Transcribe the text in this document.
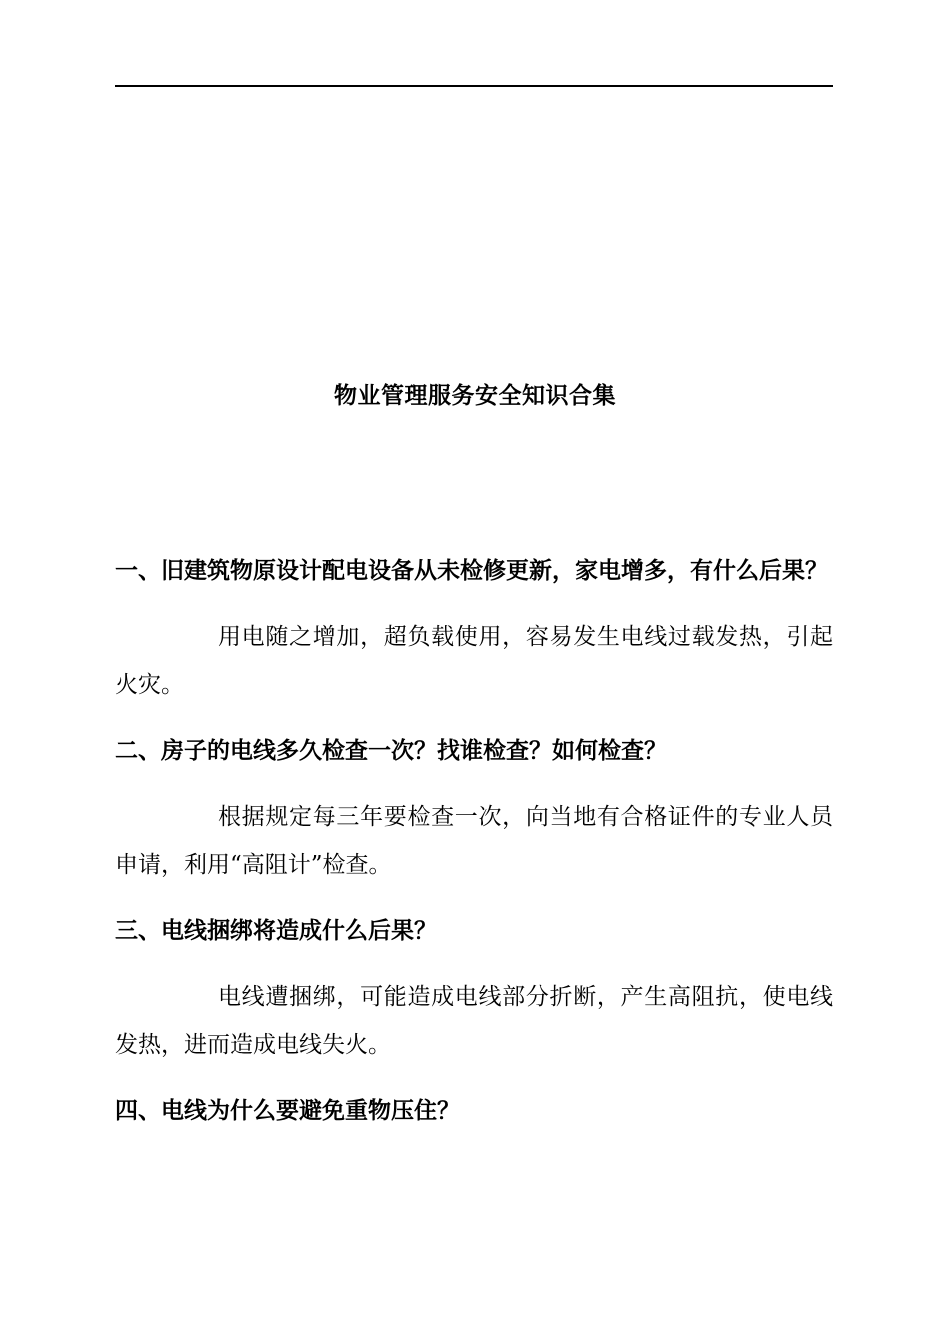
物业管理服务安全知识合集

一、旧建筑物原设计配电设备从未检修更新，家电增多，有什么后果？

用电随之增加，超负载使用，容易发生电线过载发热，引起火灾。

二、房子的电线多久检查一次？找谁检查？如何检查？

根据规定每三年要检查一次，向当地有合格证件的专业人员申请，利用“高阻计”检查。

三、电线捆绑将造成什么后果？

电线遭捆绑，可能造成电线部分折断，产生高阻抗，使电线发热，进而造成电线失火。

四、电线为什么要避免重物压住？
